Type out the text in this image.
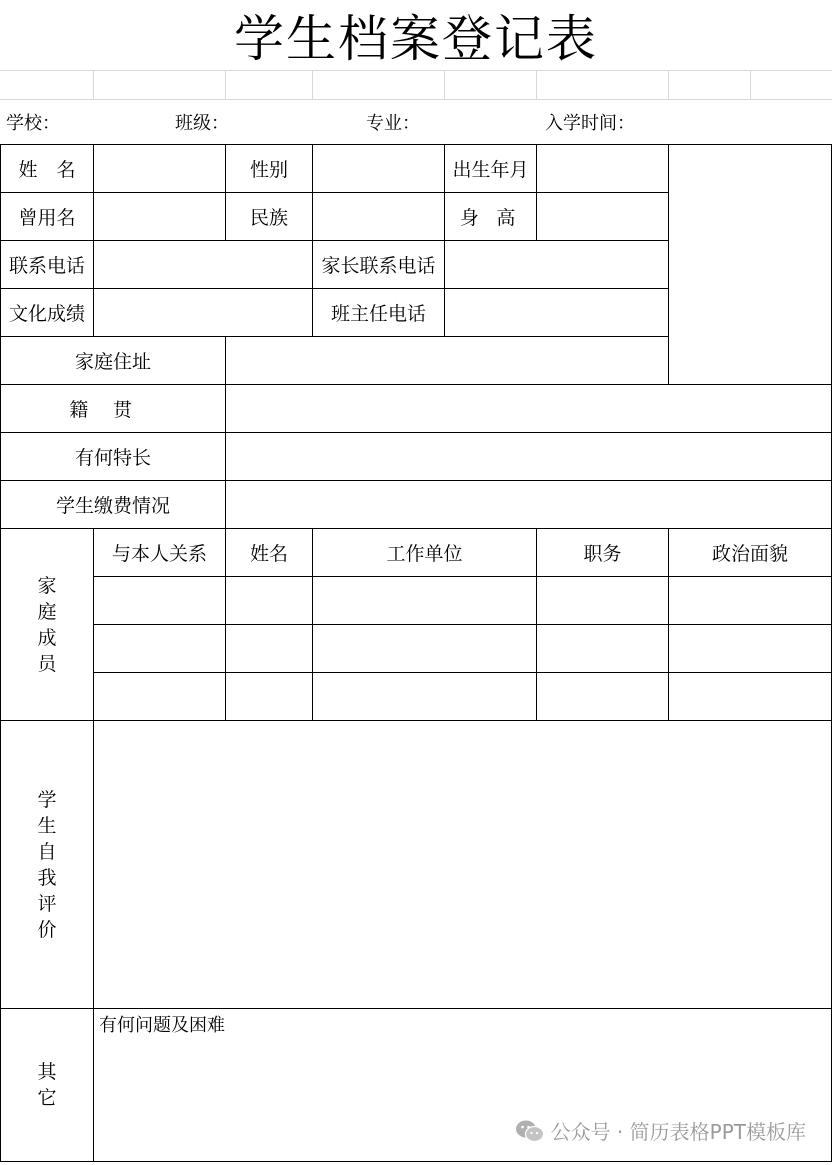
学生档案登记表
学校：	班级：	专业：	入学时间：
姓　名		性别		出生年月		
曾用名		民族		身 高		
联系电话			家长联系电话			
文化成绩			班主任电话			
家庭住址						
籍贯						
有何特长						
学生缴费情况						
家庭成员	与本人关系	姓名	工作单位		职务	政治面貌

学生自我评价						
其它	有何问题及困难					
公众号 · 简历表格PPT模板库
